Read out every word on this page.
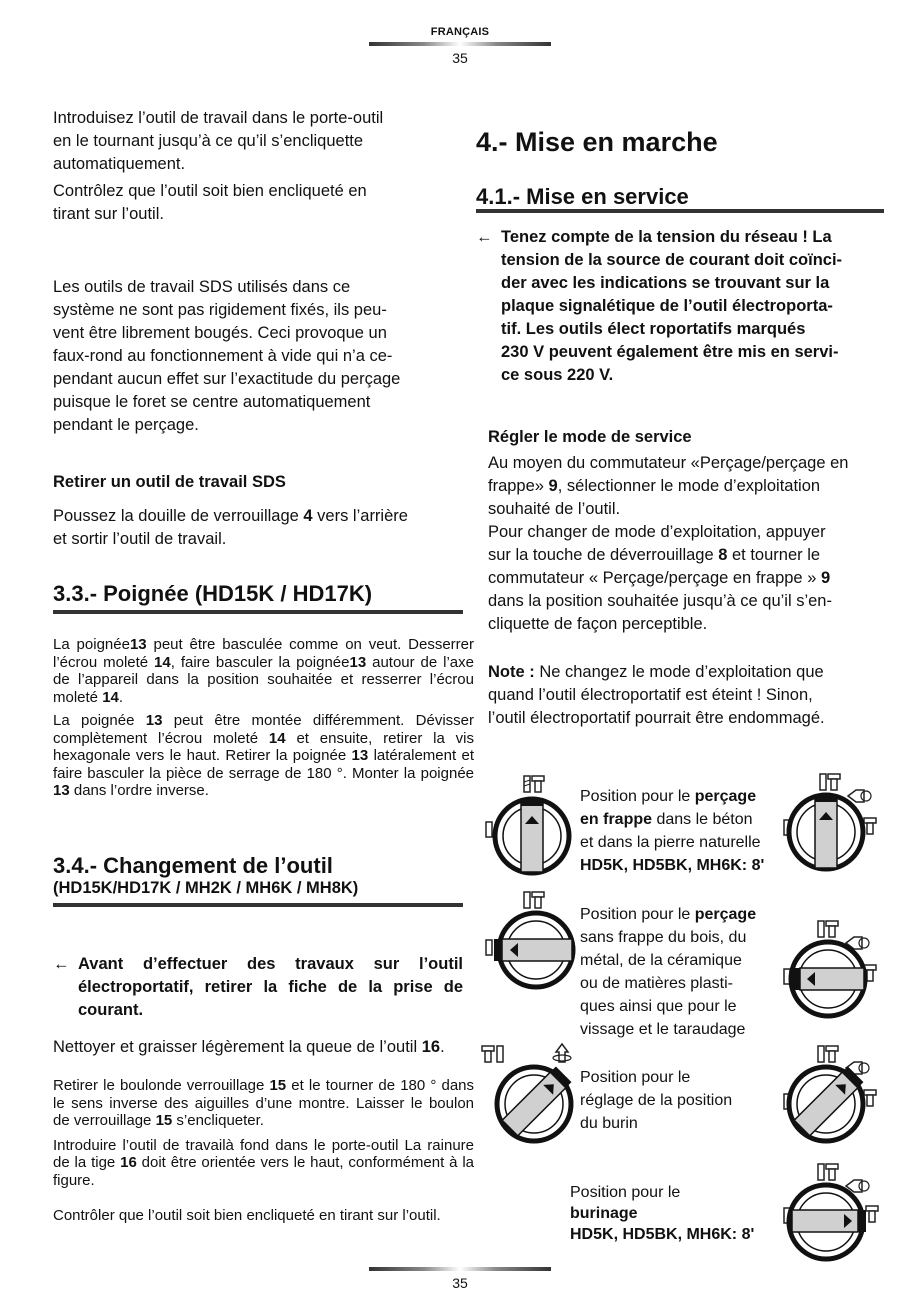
FRANÇAIS
35

Introduisez l’outil de travail dans le porte-outil

en le tournant jusqu’à ce qu’il s’encliquette

automatiquement.

Contrôlez que l’outil soit bien encliqueté en

tirant sur l’outil.

Les outils de travail SDS utilisés dans ce

système ne sont pas rigidement fixés, ils peu-

vent être librement bougés. Ceci provoque un

faux-rond au fonctionnement à vide qui n’a ce-

pendant aucun effet sur l’exactitude du perçage

puisque le foret se centre automatiquement

pendant le perçage.

Retirer un outil de travail SDS

Poussez la douille de verrouillage 4 vers l’arrière

et sortir l’outil de travail.

3.3.- Poignée (HD15K / HD17K)

La poignée13 peut être basculée comme on veut. Desserrer l’écrou moleté 14, faire basculer la poignée13 autour de l’axe de l’appareil dans la position souhaitée et resserrer l’écrou moleté 14.

La poignée 13 peut être montée différemment. Dévisser complètement l’écrou moleté 14 et ensuite, retirer la vis hexagonale vers le haut. Retirer la poignée 13 latéralement et faire basculer la pièce de serrage de 180 °. Monter la poignée 13 dans l’ordre inverse.

3.4.- Changement de l’outil
(HD15K/HD17K / MH2K / MH6K / MH8K)
← Avant d’effectuer des travaux sur l’outil électroportatif, retirer la fiche de la prise de courant.
Nettoyer et graisser légèrement la queue de l’outil 16.

Retirer le boulonde verrouillage 15 et le tourner de 180 ° dans le sens inverse des aiguilles d’une montre. Laisser le boulon de verrouillage 15 s’encliqueter.

Introduire l’outil de travailà fond dans le porte-outil La rainure de la tige 16 doit être orientée vers le haut, conformément à la figure.

Contrôler que l’outil soit bien encliqueté en tirant sur l’outil.

4.- Mise en marche
4.1.- Mise en service
← Tenez compte de la tension du réseau ! La
tension de la source de courant doit coïnci-
der avec les indications se trouvant sur la
plaque signalétique de l’outil électroporta-
tif. Les outils élect roportatifs marqués
230 V peuvent également être mis en servi-
ce sous 220 V.
Régler le mode de service
Au moyen du commutateur «Perçage/perçage en
frappe» 9, sélectionner le mode d’exploitation
souhaité de l’outil.
Pour changer de mode d’exploitation, appuyer
sur la touche de déverrouillage 8 et tourner le
commutateur « Perçage/perçage en frappe » 9
dans la position souhaitée jusqu’à ce qu’il s’en-
cliquette de façon perceptible.
Note : Ne changez le mode d’exploitation que
quand l’outil électroportatif est éteint ! Sinon,
l’outil électroportatif pourrait être endommagé.
Position pour le perçage
en frappe dans le béton
et dans la pierre naturelle
HD5K, HD5BK, MH6K: 8'
Position pour le perçage
sans frappe du bois, du
métal, de la céramique
ou de matières plasti-
ques ainsi que pour le
vissage et le taraudage
Position pour le
réglage de la position
du burin
Position pour le
burinage
HD5K, HD5BK, MH6K: 8'
35
